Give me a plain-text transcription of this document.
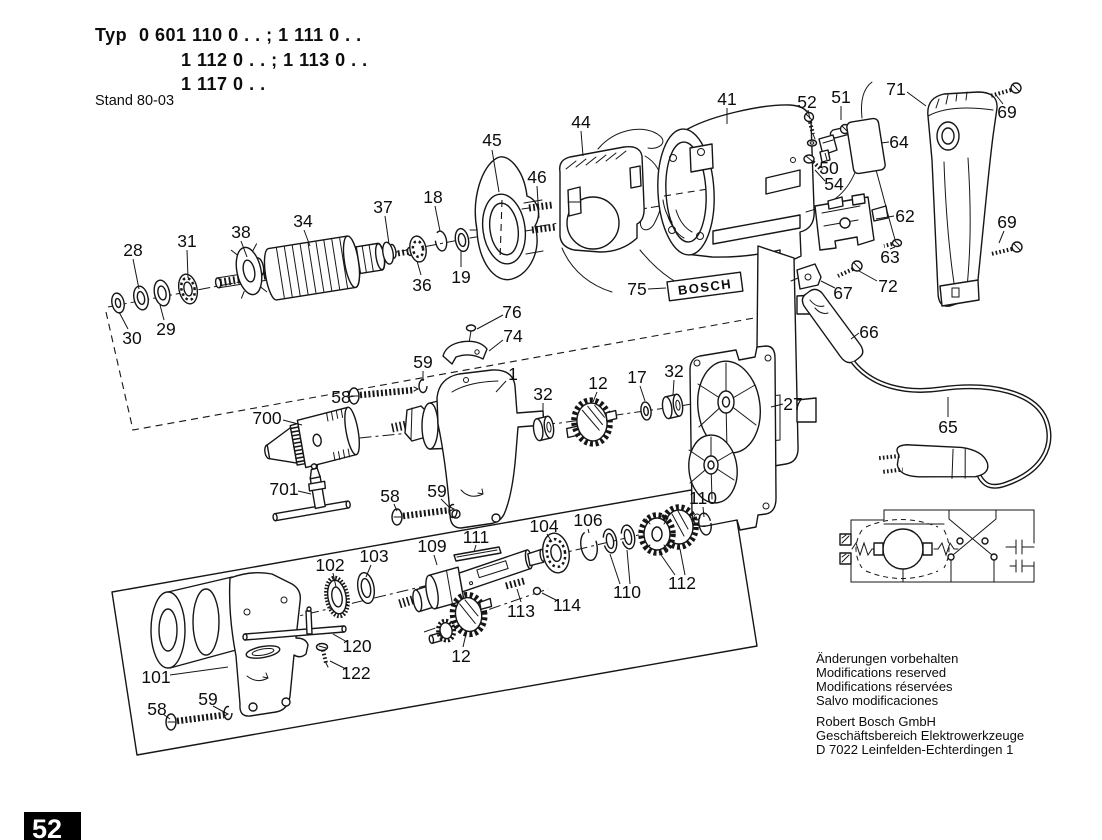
BOSCH
28 31 38
34
37 18
19
36
29
30
45
46
44
41	52 51 71
69
64
50
54
62
63
69
66
65
67 72
75
27
76
74
59
58
1
700
32
12 17 32
701	58 59	110
104 106
102 103 109 111
112
110
113 114
12
120
122
101
59
58
Typ 0 601 110 0 . . ; 1 111 0 . .
1 112 0 . . ; 1 113 0 . .
1 117 0 . .
Stand 80-03
Änderungen vorbehalten
Modifications reserved
Modifications réservées
Salvo modificaciones
Robert Bosch GmbH
Geschäftsbereich Elektrowerkzeuge
D 7022 Leinfelden-Echterdingen 1
52
